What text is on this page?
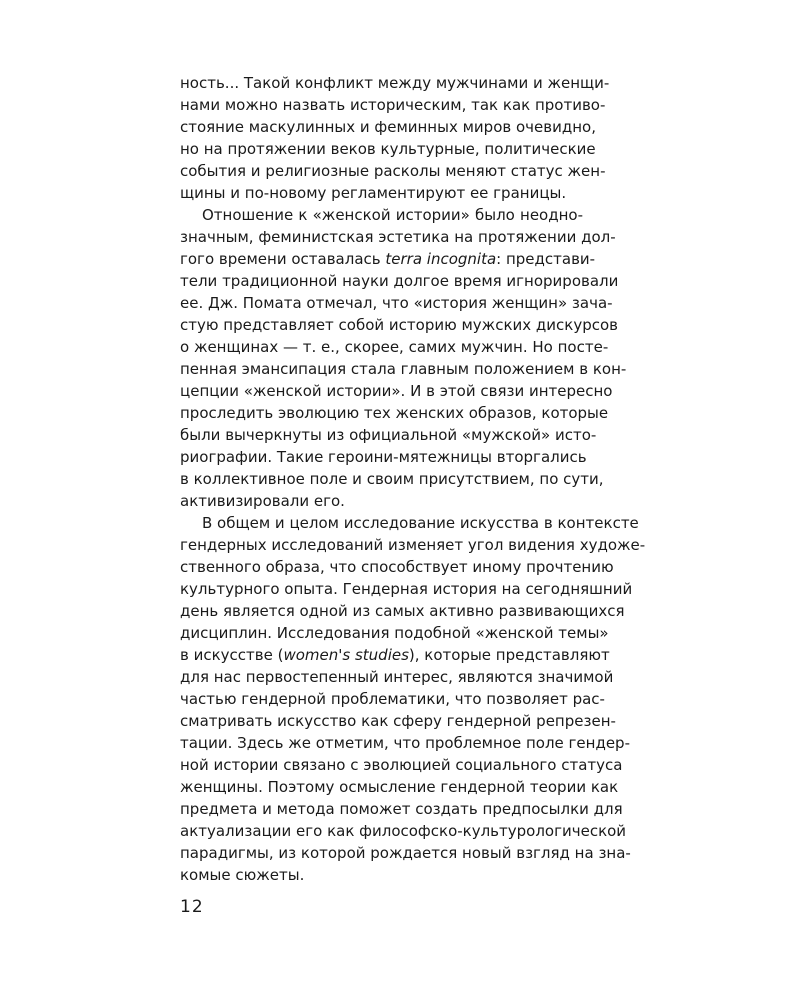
ность... Такой конфликт между мужчинами и женщи-
нами можно назвать историческим, так как противо-
стояние маскулинных и феминных миров очевидно,
но на протяжении веков культурные, политические
события и религиозные расколы меняют статус жен-
щины и по-новому регламентируют ее границы.
Отношение к «женской истории» было неодно-
значным, феминистская эстетика на протяжении дол-
гого времени оставалась terra incognita: представи-
тели традиционной науки долгое время игнорировали
ее. Дж. Помата отмечал, что «история женщин» зача-
стую представляет собой историю мужских дискурсов
о женщинах — т. е., скорее, самих мужчин. Но посте-
пенная эмансипация стала главным положением в кон-
цепции «женской истории». И в этой связи интересно
проследить эволюцию тех женских образов, которые
были вычеркнуты из официальной «мужской» исто-
риографии. Такие героини-мятежницы вторгались
в коллективное поле и своим присутствием, по сути,
активизировали его.
В общем и целом исследование искусства в контексте
гендерных исследований изменяет угол видения художе-
ственного образа, что способствует иному прочтению
культурного опыта. Гендерная история на сегодняшний
день является одной из самых активно развивающихся
дисциплин. Исследования подобной «женской темы»
в искусстве (women's studies), которые представляют
для нас первостепенный интерес, являются значимой
частью гендерной проблематики, что позволяет рас-
сматривать искусство как сферу гендерной репрезен-
тации. Здесь же отметим, что проблемное поле гендер-
ной истории связано с эволюцией социального статуса
женщины. Поэтому осмысление гендерной теории как
предмета и метода поможет создать предпосылки для
актуализации его как философско-культурологической
парадигмы, из которой рождается новый взгляд на зна-
комые сюжеты.
12
